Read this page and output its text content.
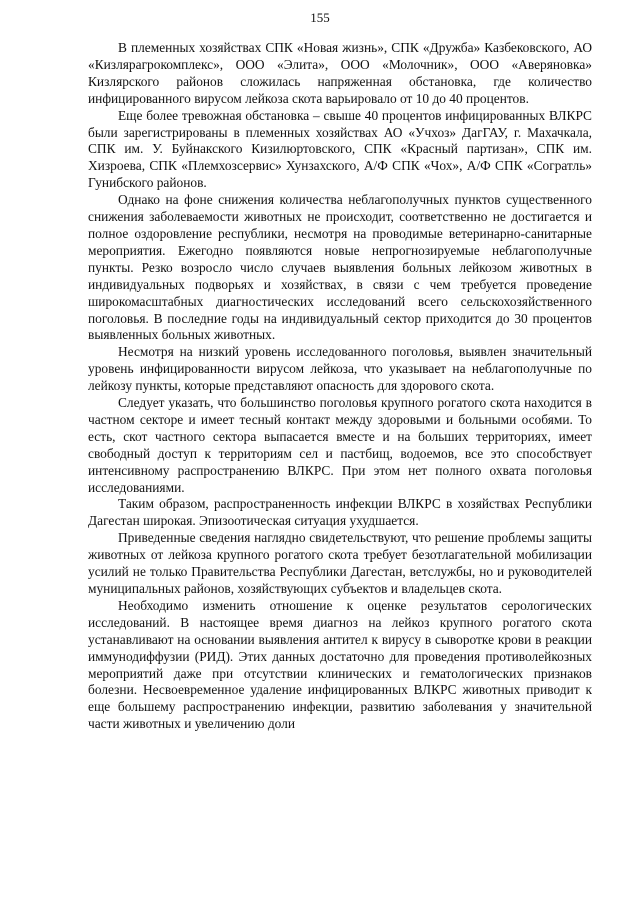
155

В племенных хозяйствах СПК «Новая жизнь», СПК «Дружба» Казбековского, АО «Кизлярагрокомплекс», ООО «Элита», ООО «Молочник», ООО «Аверяновка» Кизлярского районов сложилась напряженная обстановка, где количество инфицированного вирусом лейкоза скота варьировало от 10 до 40 процентов.

Еще более тревожная обстановка – свыше 40 процентов инфицированных ВЛКРС были зарегистрированы в племенных хозяйствах АО «Учхоз» ДагГАУ, г. Махачкала, СПК им. У. Буйнакского Кизилюртовского, СПК «Красный партизан», СПК им. Хизроева, СПК «Племхозсервис» Хунзахского, А/Ф СПК «Чох», А/Ф СПК «Согратль» Гунибского районов.

Однако на фоне снижения количества неблагополучных пунктов существенного снижения заболеваемости животных не происходит, соответственно не достигается и полное оздоровление республики, несмотря на проводимые ветеринарно-санитарные мероприятия. Ежегодно появляются новые непрогнозируемые неблагополучные пункты. Резко возросло число случаев выявления больных лейкозом животных в индивидуальных подворьях и хозяйствах, в связи с чем требуется проведение широкомасштабных диагностических исследований всего сельскохозяйственного поголовья. В последние годы на индивидуальный сектор приходится до 30 процентов выявленных больных животных.

Несмотря на низкий уровень исследованного поголовья, выявлен значительный уровень инфицированности вирусом лейкоза, что указывает на неблагополучные по лейкозу пункты, которые представляют опасность для здорового скота.

Следует указать, что большинство поголовья крупного рогатого скота находится в частном секторе и имеет тесный контакт между здоровыми и больными особями. То есть, скот частного сектора выпасается вместе и на больших территориях, имеет свободный доступ к территориям сел и пастбищ, водоемов, все это способствует интенсивному распространению ВЛКРС. При этом нет полного охвата поголовья исследованиями.

Таким образом, распространенность инфекции ВЛКРС в хозяйствах Республики Дагестан широкая. Эпизоотическая ситуация ухудшается.

Приведенные сведения наглядно свидетельствуют, что решение проблемы защиты животных от лейкоза крупного рогатого скота требует безотлагательной мобилизации усилий не только Правительства Республики Дагестан, ветслужбы, но и руководителей муниципальных районов, хозяйствующих субъектов и владельцев скота.

Необходимо изменить отношение к оценке результатов серологических исследований. В настоящее время диагноз на лейкоз крупного рогатого скота устанавливают на основании выявления антител к вирусу в сыворотке крови в реакции иммунодиффузии (РИД). Этих данных достаточно для проведения противолейкозных мероприятий даже при отсутствии клинических и гематологических признаков болезни. Несвоевременное удаление инфицированных ВЛКРС животных приводит к еще большему распространению инфекции, развитию заболевания у значительной части животных и увеличению доли
